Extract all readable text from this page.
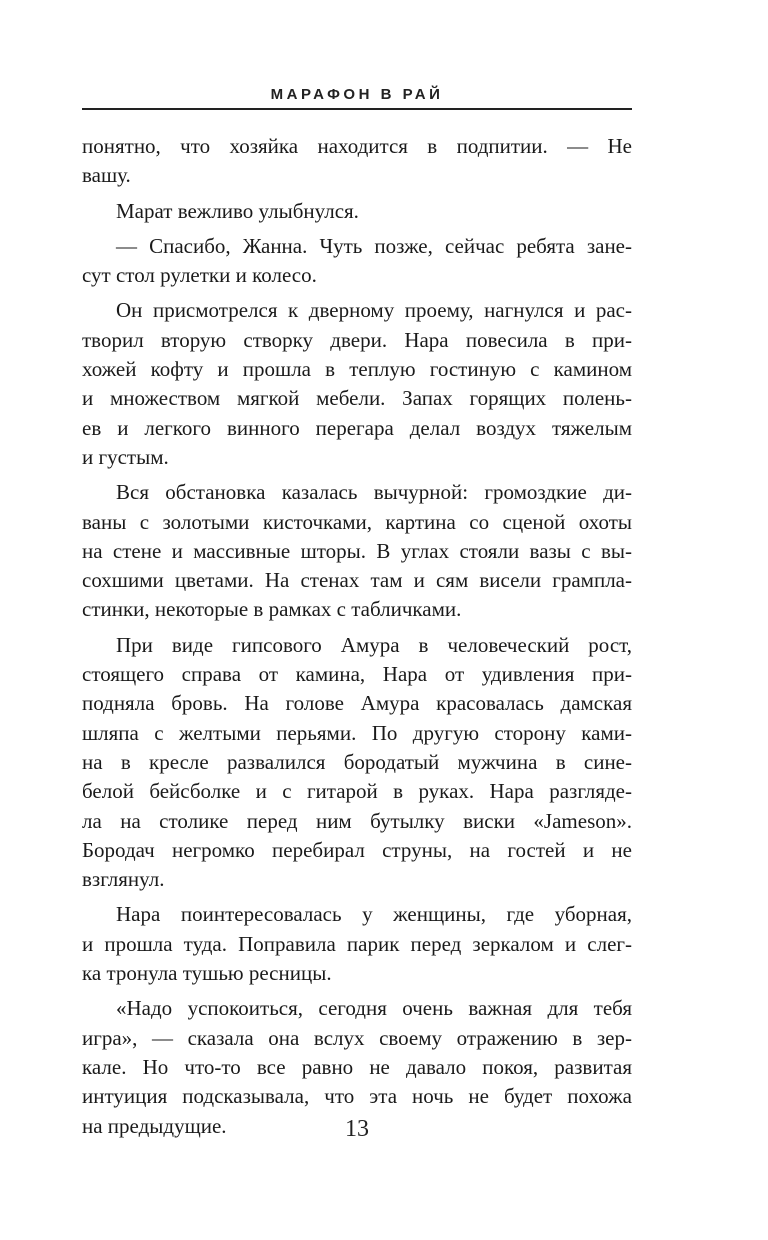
МАРАФОН В РАЙ
понятно, что хозяйка находится в подпитии. — Не
вашу.
Марат вежливо улыбнулся.
— Спасибо, Жанна. Чуть позже, сейчас ребята зане-
сут стол рулетки и колесо.
Он присмотрелся к дверному проему, нагнулся и рас-
творил вторую створку двери. Нара повесила в при-
хожей кофту и прошла в теплую гостиную с камином
и множеством мягкой мебели. Запах горящих полень-
ев и легкого винного перегара делал воздух тяжелым
и густым.
Вся обстановка казалась вычурной: громоздкие ди-
ваны с золотыми кисточками, картина со сценой охоты
на стене и массивные шторы. В углах стояли вазы с вы-
сохшими цветами. На стенах там и сям висели грампла-
стинки, некоторые в рамках с табличками.
При виде гипсового Амура в человеческий рост,
стоящего справа от камина, Нара от удивления при-
подняла бровь. На голове Амура красовалась дамская
шляпа с желтыми перьями. По другую сторону ками-
на в кресле развалился бородатый мужчина в сине-
белой бейсболке и с гитарой в руках. Нара разгляде-
ла на столике перед ним бутылку виски «Jameson».
Бородач негромко перебирал струны, на гостей и не
взглянул.
Нара поинтересовалась у женщины, где уборная,
и прошла туда. Поправила парик перед зеркалом и слег-
ка тронула тушью ресницы.
«Надо успокоиться, сегодня очень важная для тебя
игра», — сказала она вслух своему отражению в зер-
кале. Но что-то все равно не давало покоя, развитая
интуиция подсказывала, что эта ночь не будет похожа
на предыдущие.	13
